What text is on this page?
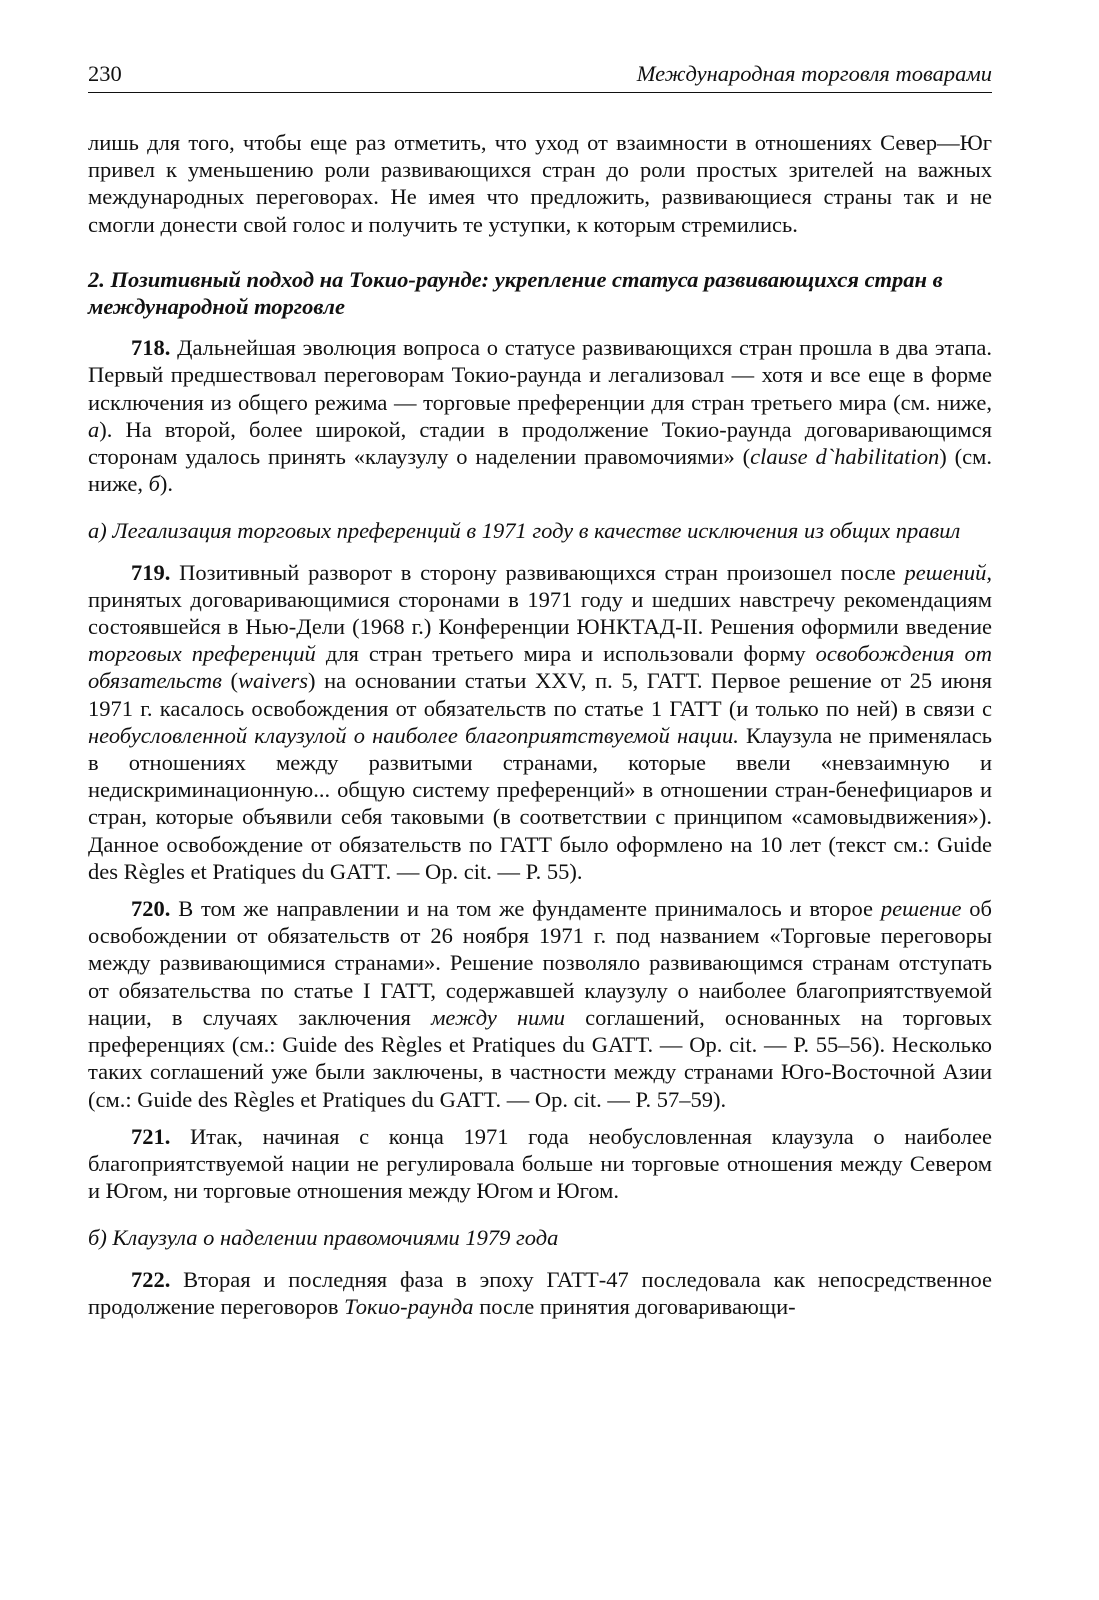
230	Международная торговля товарами

лишь для того, чтобы еще раз отметить, что уход от взаимности в отношениях Север—Юг привел к уменьшению роли развивающихся стран до роли простых зрителей на важных международных переговорах. Не имея что предложить, развивающиеся страны так и не смогли донести свой голос и получить те уступки, к которым стремились.

2. Позитивный подход на Токио-раунде: укрепление статуса развивающихся стран в международной торговле

718. Дальнейшая эволюция вопроса о статусе развивающихся стран прошла в два этапа. Первый предшествовал переговорам Токио-раунда и легализовал — хотя и все еще в форме исключения из общего режима — торговые преференции для стран третьего мира (см. ниже, а). На второй, более широкой, стадии в продолжение Токио-раунда договаривающимся сторонам удалось принять «клаузулу о наделении правомочиями» (clause d`habilitation) (см. ниже, б).

а) Легализация торговых преференций в 1971 году в качестве исключения из общих правил

719. Позитивный разворот в сторону развивающихся стран произошел после решений, принятых договаривающимися сторонами в 1971 году и шедших навстречу рекомендациям состоявшейся в Нью-Дели (1968 г.) Конференции ЮНКТАД-II. Решения оформили введение торговых преференций для стран третьего мира и использовали форму освобождения от обязательств (waivers) на основании статьи XXV, п. 5, ГАТТ. Первое решение от 25 июня 1971 г. касалось освобождения от обязательств по статье 1 ГАТТ (и только по ней) в связи с необусловленной клаузулой о наиболее благоприятствуемой нации. Клаузула не применялась в отношениях между развитыми странами, которые ввели «невзаимную и недискриминационную... общую систему преференций» в отношении стран-бенефициаров и стран, которые объявили себя таковыми (в соответствии с принципом «самовыдвижения»). Данное освобождение от обязательств по ГАТТ было оформлено на 10 лет (текст см.: Guide des Règles et Pratiques du GATT. — Op. cit. — P. 55).

720. В том же направлении и на том же фундаменте принималось и второе решение об освобождении от обязательств от 26 ноября 1971 г. под названием «Торговые переговоры между развивающимися странами». Решение позволяло развивающимся странам отступать от обязательства по статье I ГАТТ, содержавшей клаузулу о наиболее благоприятствуемой нации, в случаях заключения между ними соглашений, основанных на торговых преференциях (см.: Guide des Règles et Pratiques du GATT. — Op. cit. — P. 55–56). Несколько таких соглашений уже были заключены, в частности между странами Юго-Восточной Азии (см.: Guide des Règles et Pratiques du GATT. — Op. cit. — P. 57–59).

721. Итак, начиная с конца 1971 года необусловленная клаузула о наиболее благоприятствуемой нации не регулировала больше ни торговые отношения между Севером и Югом, ни торговые отношения между Югом и Югом.

б) Клаузула о наделении правомочиями 1979 года

722. Вторая и последняя фаза в эпоху ГАТТ-47 последовала как непосредственное продолжение переговоров Токио-раунда после принятия договаривающи-
